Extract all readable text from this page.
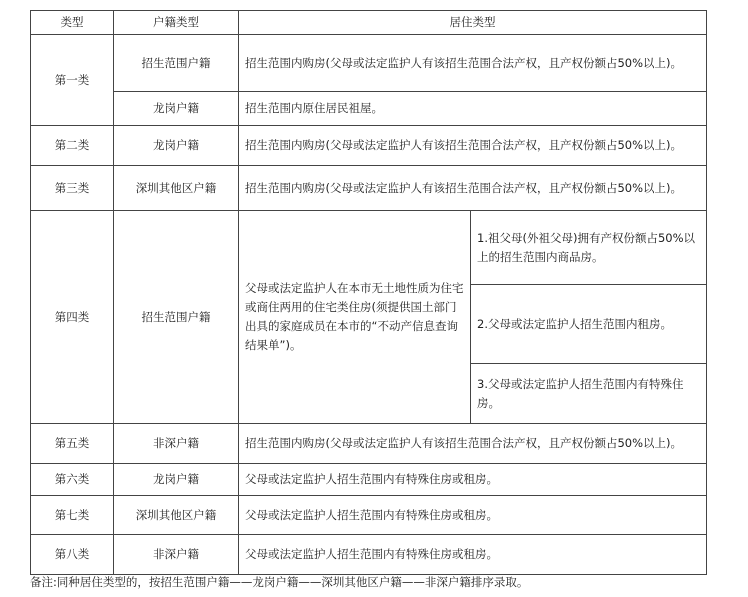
类型	户籍类型	居住类型	
第一类	招生范围户籍	招生范围内购房(父母或法定监护人有该招生范围合法产权，且产权份额占50%以上)。	
	龙岗户籍	招生范围内原住居民祖屋。	
第二类	龙岗户籍	招生范围内购房(父母或法定监护人有该招生范围合法产权，且产权份额占50%以上)。	
第三类	深圳其他区户籍	招生范围内购房(父母或法定监护人有该招生范围合法产权，且产权份额占50%以上)。	
第四类	招生范围户籍	父母或法定监护人在本市无土地性质为住宅或商住两用的住宅类住房(须提供国土部门出具的家庭成员在本市的“不动产信息查询结果单”)。	1.祖父母(外祖父母)拥有产权份额占50%以上的招生范围内商品房。
			2.父母或法定监护人招生范围内租房。
			3.父母或法定监护人招生范围内有特殊住房。
第五类	非深户籍	招生范围内购房(父母或法定监护人有该招生范围合法产权，且产权份额占50%以上)。	
第六类	龙岗户籍	父母或法定监护人招生范围内有特殊住房或租房。	
第七类	深圳其他区户籍	父母或法定监护人招生范围内有特殊住房或租房。	
第八类	非深户籍	父母或法定监护人招生范围内有特殊住房或租房。	
备注:同种居住类型的，按招生范围户籍——龙岗户籍——深圳其他区户籍——非深户籍排序录取。
